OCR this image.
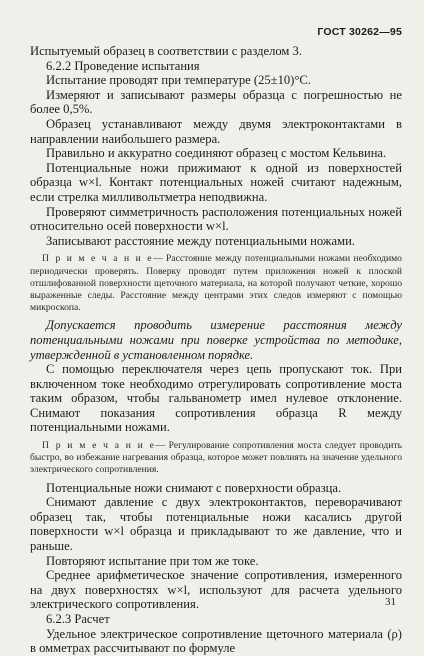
ГОСТ 30262—95

Испытуемый образец в соответствии с разделом 3.

6.2.2 Проведение испытания

Испытание проводят при температуре (25±10)°С.

Измеряют и записывают размеры образца с погрешностью не более 0,5%.

Образец устанавливают между двумя электроконтактами в направлении наибольшего размера.

Правильно и аккуратно соединяют образец с мостом Кельвина.

Потенциальные ножи прижимают к одной из поверхностей образца w×l. Контакт потенциальных ножей считают надежным, если стрелка милливольтметра неподвижна.

Проверяют симметричность расположения потенциальных ножей относительно осей поверхности w×l.

Записывают расстояние между потенциальными ножами.

П р и м е ч а н и е— Расстояние между потенциальными ножами необходимо периодически проверять. Поверку проводят путем приложения ножей к плоской отшлифованной поверхности щеточного материала, на которой получают четкие, хорошо выраженные следы. Расстояние между центрами этих следов измеряют с помощью микроскопа.

Допускается проводить измерение расстояния между потенциальными ножами при поверке устройства по методике, утвержденной в установленном порядке.

С помощью переключателя через цепь пропускают ток. При включенном токе необходимо отрегулировать сопротивление моста таким образом, чтобы гальванометр имел нулевое отклонение. Снимают показания сопротивления образца R между потенциальными ножами.

П р и м е ч а н и е— Регулирование сопротивления моста следует проводить быстро, во избежание нагревания образца, которое может повлиять на значение удельного электрического сопротивления.

Потенциальные ножи снимают с поверхности образца.

Снимают давление с двух электроконтактов, переворачивают образец так, чтобы потенциальные ножи касались другой поверхности w×l образца и прикладывают то же давление, что и раньше.

Повторяют испытание при том же токе.

Среднее арифметическое значение сопротивления, измеренного на двух поверхностях w×l, используют для расчета удельного электрического сопротивления.

6.2.3 Расчет

Удельное электрическое сопротивление щеточного материала (ρ) в омметрах рассчитывают по формуле

31
